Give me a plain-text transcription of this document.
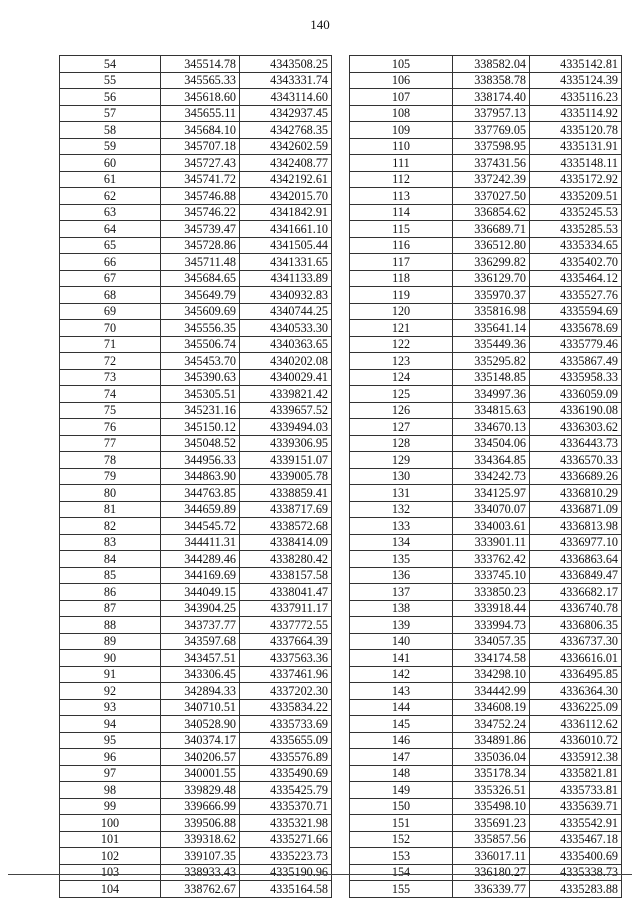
140
54	345514.78	4343508.25
55	345565.33	4343331.74
56	345618.60	4343114.60
57	345655.11	4342937.45
58	345684.10	4342768.35
59	345707.18	4342602.59
60	345727.43	4342408.77
61	345741.72	4342192.61
62	345746.88	4342015.70
63	345746.22	4341842.91
64	345739.47	4341661.10
65	345728.86	4341505.44
66	345711.48	4341331.65
67	345684.65	4341133.89
68	345649.79	4340932.83
69	345609.69	4340744.25
70	345556.35	4340533.30
71	345506.74	4340363.65
72	345453.70	4340202.08
73	345390.63	4340029.41
74	345305.51	4339821.42
75	345231.16	4339657.52
76	345150.12	4339494.03
77	345048.52	4339306.95
78	344956.33	4339151.07
79	344863.90	4339005.78
80	344763.85	4338859.41
81	344659.89	4338717.69
82	344545.72	4338572.68
83	344411.31	4338414.09
84	344289.46	4338280.42
85	344169.69	4338157.58
86	344049.15	4338041.47
87	343904.25	4337911.17
88	343737.77	4337772.55
89	343597.68	4337664.39
90	343457.51	4337563.36
91	343306.45	4337461.96
92	342894.33	4337202.30
93	340710.51	4335834.22
94	340528.90	4335733.69
95	340374.17	4335655.09
96	340206.57	4335576.89
97	340001.55	4335490.69
98	339829.48	4335425.79
99	339666.99	4335370.71
100	339506.88	4335321.98
101	339318.62	4335271.66
102	339107.35	4335223.73
103	338933.43	4335190.96
104	338762.67	4335164.58
105	338582.04	4335142.81
106	338358.78	4335124.39
107	338174.40	4335116.23
108	337957.13	4335114.92
109	337769.05	4335120.78
110	337598.95	4335131.91
111	337431.56	4335148.11
112	337242.39	4335172.92
113	337027.50	4335209.51
114	336854.62	4335245.53
115	336689.71	4335285.53
116	336512.80	4335334.65
117	336299.82	4335402.70
118	336129.70	4335464.12
119	335970.37	4335527.76
120	335816.98	4335594.69
121	335641.14	4335678.69
122	335449.36	4335779.46
123	335295.82	4335867.49
124	335148.85	4335958.33
125	334997.36	4336059.09
126	334815.63	4336190.08
127	334670.13	4336303.62
128	334504.06	4336443.73
129	334364.85	4336570.33
130	334242.73	4336689.26
131	334125.97	4336810.29
132	334070.07	4336871.09
133	334003.61	4336813.98
134	333901.11	4336977.10
135	333762.42	4336863.64
136	333745.10	4336849.47
137	333850.23	4336682.17
138	333918.44	4336740.78
139	333994.73	4336806.35
140	334057.35	4336737.30
141	334174.58	4336616.01
142	334298.10	4336495.85
143	334442.99	4336364.30
144	334608.19	4336225.09
145	334752.24	4336112.62
146	334891.86	4336010.72
147	335036.04	4335912.38
148	335178.34	4335821.81
149	335326.51	4335733.81
150	335498.10	4335639.71
151	335691.23	4335542.91
152	335857.56	4335467.18
153	336017.11	4335400.69
154	336180.27	4335338.73
155	336339.77	4335283.88
